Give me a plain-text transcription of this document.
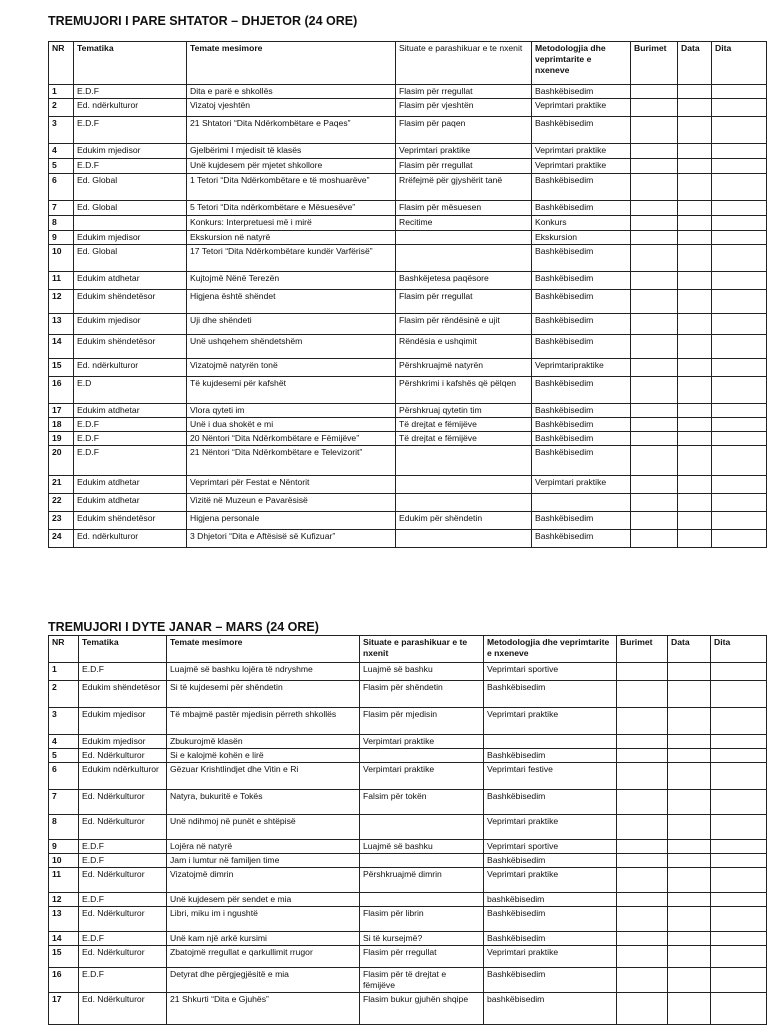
TREMUJORI I PARE SHTATOR – DHJETOR (24 ORE)
NR	Tematika	Temate mesimore	Situate e parashikuar e te nxenit	Metodologjia dhe veprimtarite e nxeneve	Burimet	Data	Dita
1	E.D.F	Dita e parë e shkollës	Flasim për rregullat	Bashkëbisedim			
2	Ed. ndërkulturor	Vizatoj vjeshtën	Flasim për vjeshtën	Veprimtari praktike			
3	E.D.F	21 Shtatori “Dita Ndërkombëtare e Paqes”	Flasim për paqen	Bashkëbisedim			
4	Edukim mjedisor	Gjelbërimi I mjedisit të klasës	Veprimtari praktike	Veprimtari praktike			
5	E.D.F	Unë kujdesem për mjetet shkollore	Flasim për rregullat	Veprimtari praktike			
6	Ed. Global	1 Tetori “Dita Ndërkombëtare e të moshuarëve”	Rrëfejmë për gjyshërit tanë	Bashkëbisedim			
7	Ed. Global	5 Tetori “Dita ndërkombëtare e Mësuesëve”	Flasim për mësuesen	Bashkëbisedim			
8		Konkurs: Interpretuesi më i mirë	Recitime	Konkurs			
9	Edukim mjedisor	Ekskursion në natyrë		Ekskursion			
10	Ed. Global	17 Tetori “Dita Ndërkombëtare kundër Varfërisë”		Bashkëbisedim			
11	Edukim atdhetar	Kujtojmë Nënë Terezën	Bashkëjetesa paqësore	Bashkëbisedim			
12	Edukim shëndetësor	Higjena është shëndet	Flasim për rregullat	Bashkëbisedim			
13	Edukim mjedisor	Uji dhe shëndeti	Flasim për rëndësinë e ujit	Bashkëbisedim			
14	Edukim shëndetësor	Unë ushqehem shëndetshëm	Rëndësia e ushqimit	Bashkëbisedim			
15	Ed. ndërkulturor	Vizatojmë natyrën tonë	Përshkruajmë natyrën	Veprimtaripraktike			
16	E.D	Të kujdesemi për kafshët	Përshkrimi i kafshës që pëlqen	Bashkëbisedim			
17	Edukim atdhetar	Vlora qyteti im	Përshkruaj qytetin tim	Bashkëbisedim			
18	E.D.F	Unë i dua shokët e mi	Të drejtat e fëmijëve	Bashkëbisedim			
19	E.D.F	20 Nëntori “Dita Ndërkombëtare e Fëmijëve”	Të drejtat e fëmijëve	Bashkëbisedim			
20	E.D.F	21 Nëntori “Dita Ndërkombëtare e Televizorit”		Bashkëbisedim			
21	Edukim atdhetar	Veprimtari për Festat e Nëntorit		Verpimtari praktike			
22	Edukim atdhetar	Vizitë në Muzeun e Pavarësisë					
23	Edukim shëndetësor	Higjena personale	Edukim për shëndetin	Bashkëbisedim			
24	Ed. ndërkulturor	3 Dhjetori “Dita e Aftësisë së Kufizuar”		Bashkëbisedim			
TREMUJORI I DYTE JANAR – MARS (24 ORE)
NR	Tematika	Temate mesimore	Situate e parashikuar e te nxenit	Metodologjia dhe veprimtarite e nxeneve	Burimet	Data	Dita
1	E.D.F	Luajmë së bashku lojëra të ndryshme	Luajmë së bashku	Veprimtari sportive			
2	Edukim shëndetësor	Si të kujdesemi për shëndetin	Flasim për shëndetin	Bashkëbisedim			
3	Edukim mjedisor	Të mbajmë pastër mjedisin përreth shkollës	Flasim për mjedisin	Veprimtari praktike			
4	Edukim mjedisor	Zbukurojmë klasën	Verpimtari praktike				
5	Ed. Ndërkulturor	Si e kalojmë kohën e lirë		Bashkëbisedim			
6	Edukim ndërkulturor	Gëzuar Krishtlindjet dhe Vitin e Ri	Verpimtari praktike	Veprimtari festive			
7	Ed. Ndërkulturor	Natyra, bukuritë e Tokës	Falsim për tokën	Bashkëbisedim			
8	Ed. Ndërkulturor	Unë ndihmoj në punët e shtëpisë		Veprimtari praktike			
9	E.D.F	Lojëra në natyrë	Luajmë së bashku	Veprimtari sportive			
10	E.D.F	Jam i lumtur në familjen time		Bashkëbisedim			
11	Ed. Ndërkulturor	Vizatojmë dimrin	Përshkruajmë dimrin	Veprimtari praktike			
12	E.D.F	Unë kujdesem për sendet e mia		bashkëbisedim			
13	Ed. Ndërkulturor	Libri, miku im i ngushtë	Flasim për librin	Bashkëbisedim			
14	E.D.F	Unë kam një arkë kursimi	Si të kursejmë?	Bashkëbisedim			
15	Ed. Ndërkulturor	Zbatojmë rregullat e qarkullimit rrugor	Flasim për rregullat	Veprimtari praktike			
16	E.D.F	Detyrat dhe përgjegjësitë e mia	Flasim për të drejtat e fëmijëve	Bashkëbisedim			
17	Ed. Ndërkulturor	21 Shkurti “Dita e Gjuhës”	Flasim bukur gjuhën shqipe	bashkëbisedim			
